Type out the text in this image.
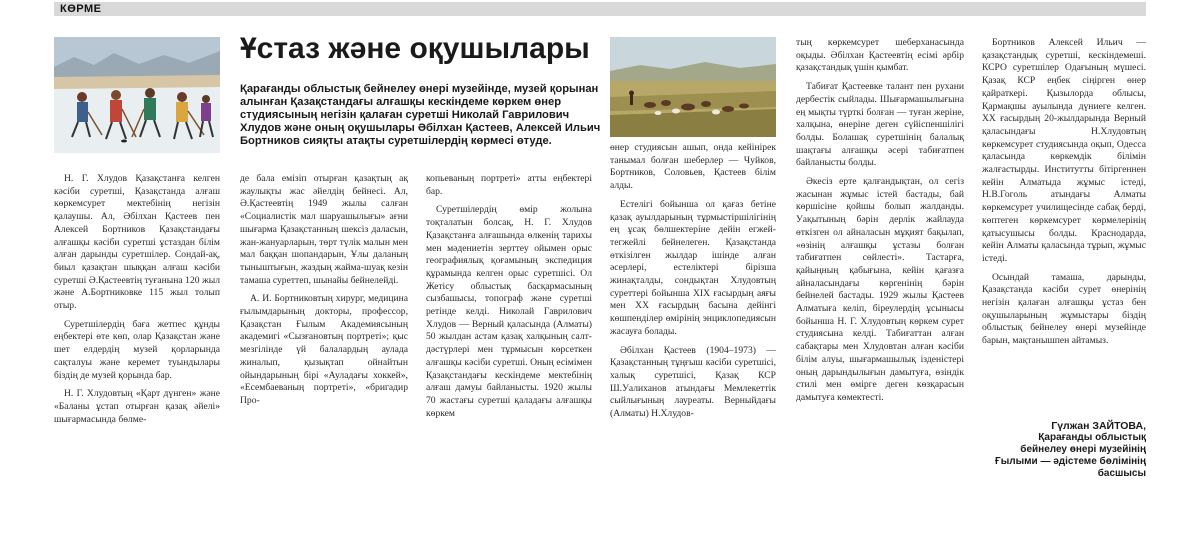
КӨРМЕ
Ұстаз және оқушылары
Қарағанды облыстық бейнелеу өнері музейінде, музей қорынан алынған Қазақстандағы алғашқы кескіндеме көркем өнер студиясының негізін қалаған суретші Николай Гаврилович Хлудов және оның оқушылары Әбілхан Қастеев, Алексей Ильич Бортников сияқты атақты суретшілердің көрмесі өтуде.

Н. Г. Хлудов Қазақстанға келген кәсіби суретші, Қазақстанда алғаш көркемсурет мектебінің негізін қалаушы. Ал, Әбілхан Қастеев пен Алексей Бортников Қазақстандағы алғашқы кәсіби суретші ұстаздан білім алған дарынды суретшілер. Сондай-ақ, биыл қазақтан шыққан алғаш кәсіби суретші Ә.Қастеевтің туғанына 120 жыл және А.Бортниковке 115 жыл толып отыр.

Суретшілердің баға жетпес құнды еңбектері өте көп, олар Қазақстан және шет елдердің музей қорларында сақталуы және керемет туындылары біздің де музей қорында бар.

Н. Г. Хлудовтың «Қарт дүнген» және «Баланы ұстап отырған қазақ әйелі» шығармасында бөлме-

де бала емізіп отырған қазақтың ақ жаулықты жас әйелдің бейнесі. Ал, Ә.Қастеевтің 1949 жылы салған «Социалистік мал шаруашылығы» ағни шығарма Қазақстанның шексіз даласын, жан-жануарларын, төрт түлік малын мен мал баққан шопандарын, Ұлы даланың тыныштығын, жаздың жайма-шуақ кезін тамаша суреттеп, шынайы бейнелейді.

А. И. Бортниковтың хирург, медицина ғылымдарының докторы, профессор, Қазақстан Ғылым Академиясының академигі «Сызғановтың портреті»; қыс мезгілінде үй балалардың аулада жиналып, қызықтап ойнайтын ойындарының бірі «Ауладағы хоккей», «Есембаеваның портреті», «бригадир Про-

копьеваның портреті» атты еңбектері бар.

Суретшілердің өмір жолына тоқталатын болсақ, Н. Г. Хлудов Қазақстанға алғашында өлкенің тарихы мен мәдениетін зерттеу ойымен орыс географиялық қоғамының экспедиция құрамында келген орыс суретшісі. Ол Жетісу облыстық басқармасының сызбашысы, топограф және суретші ретінде келді. Николай Гаврилович Хлудов — Верный қаласында (Алматы) 50 жылдан астам қазақ халқының салт-дәстүрлері мен тұрмысын көрсеткен алғашқы кәсіби суретші. Оның есімімен Қазақстандағы кескіндеме мектебінің алғаш дамуы байланысты. 1920 жылы 70 жастағы суретші қаладағы алғашқы көркем

өнер студиясын ашып, онда кейінірек танымал болған шеберлер — Чуйков, Бортников, Соловьев, Қастеев білім алды.

Естелігі бойынша ол қағаз бетіне қазақ ауылдарының тұрмыстіршілігінің ең ұсақ бөлшектеріне дейін егжей-тегжейлі бейнелеген. Қазақстанда өткізілген жылдар ішінде алған әсерлері, естеліктері бірізша жинақталды, сондықтан Хлудовтың суреттері бойынша XIX ғасырдың аяғы мен XX ғасырдың басына дейінгі көшпенділер өмірінің энциклопедиясын жасауға болады.

Әбілхан Қастеев (1904–1973) — Қазақстанның тұңғыш кәсіби суретшісі, халық суретшісі, Қазақ КСР Ш.Уалиханов атындағы Мемлекеттік сыйлығының лауреаты. Верныйдағы (Алматы) Н.Хлудов-

тың көркемсурет шеберханасында оқыды. Әбілхан Қастеевтің есімі әрбір қазақстандық үшін қымбат.

Табиғат Қастеевке талант пен рухани дербестік сыйлады. Шығармашылығына ең мықты түрткі болған — туған жеріне, халқына, өнеріне деген сүйіспеншілігі болды. Болашақ суретшінің балалық шақтағы алғашқы әсері табиғатпен байланысты болды.

Әкесіз ерте қалғандықтан, ол сегіз жасынан жұмыс істей бастады, бай көршісіне қойшы болып жалданды. Уақытының бәрін дерлік жайлауда өткізген ол айналасын мұқият бақылап, «өзінің алғашқы ұстазы болған табиғатпен сөйлесті». Тастарға, қайыңның қабығына, кейін қағазға айналасындағы көргенінің бәрін бейнелей бастады. 1929 жылы Қастеев Алматыға келіп, біреулердің ұсынысы бойынша Н. Г. Хлудовтың көркем сурет студиясына келді. Табиғаттан алған сабақтары мен Хлудовтан алған кәсіби білім алуы, шығармашылық ізденістері оның дарындылығын дамытуға, өзіндік стилі мен өмірге деген көзқарасын дамытуға көмектесті.

Бортников Алексей Ильич — қазақстандық суретші, кескіндемеші. КСРО суретшілер Одағының мүшесі. Қазақ КСР еңбек сіңірген өнер қайраткері. Қызылорда облысы, Қармақшы ауылында дүниеге келген. XX ғасырдың 20-жылдарында Верный қаласындағы Н.Хлудовтың көркемсурет студиясында оқып, Одесса қаласында көркемдік білімін жалғастырды. Институтты бітіргеннен кейін Алматыда жұмыс істеді, Н.В.Гоголь атындағы Алматы көркемсурет училищесінде сабақ берді, көптеген көркемсурет көрмелерінің қатысушысы болды. Краснодарда, кейін Алматы қаласында тұрып, жұмыс істеді.

Осындай тамаша, дарынды, Қазақстанда кәсіби сурет өнерінің негізін қалаған алғашқы ұстаз бен оқушыларының жұмыстары біздің облыстық бейнелеу өнері музейінде барын, мақтанышпен айтамыз.

Гүлжан ЗАЙТОВА,
Қарағанды облыстық бейнелеу өнері музейінің Ғылыми — әдістеме бөлімінің басшысы
